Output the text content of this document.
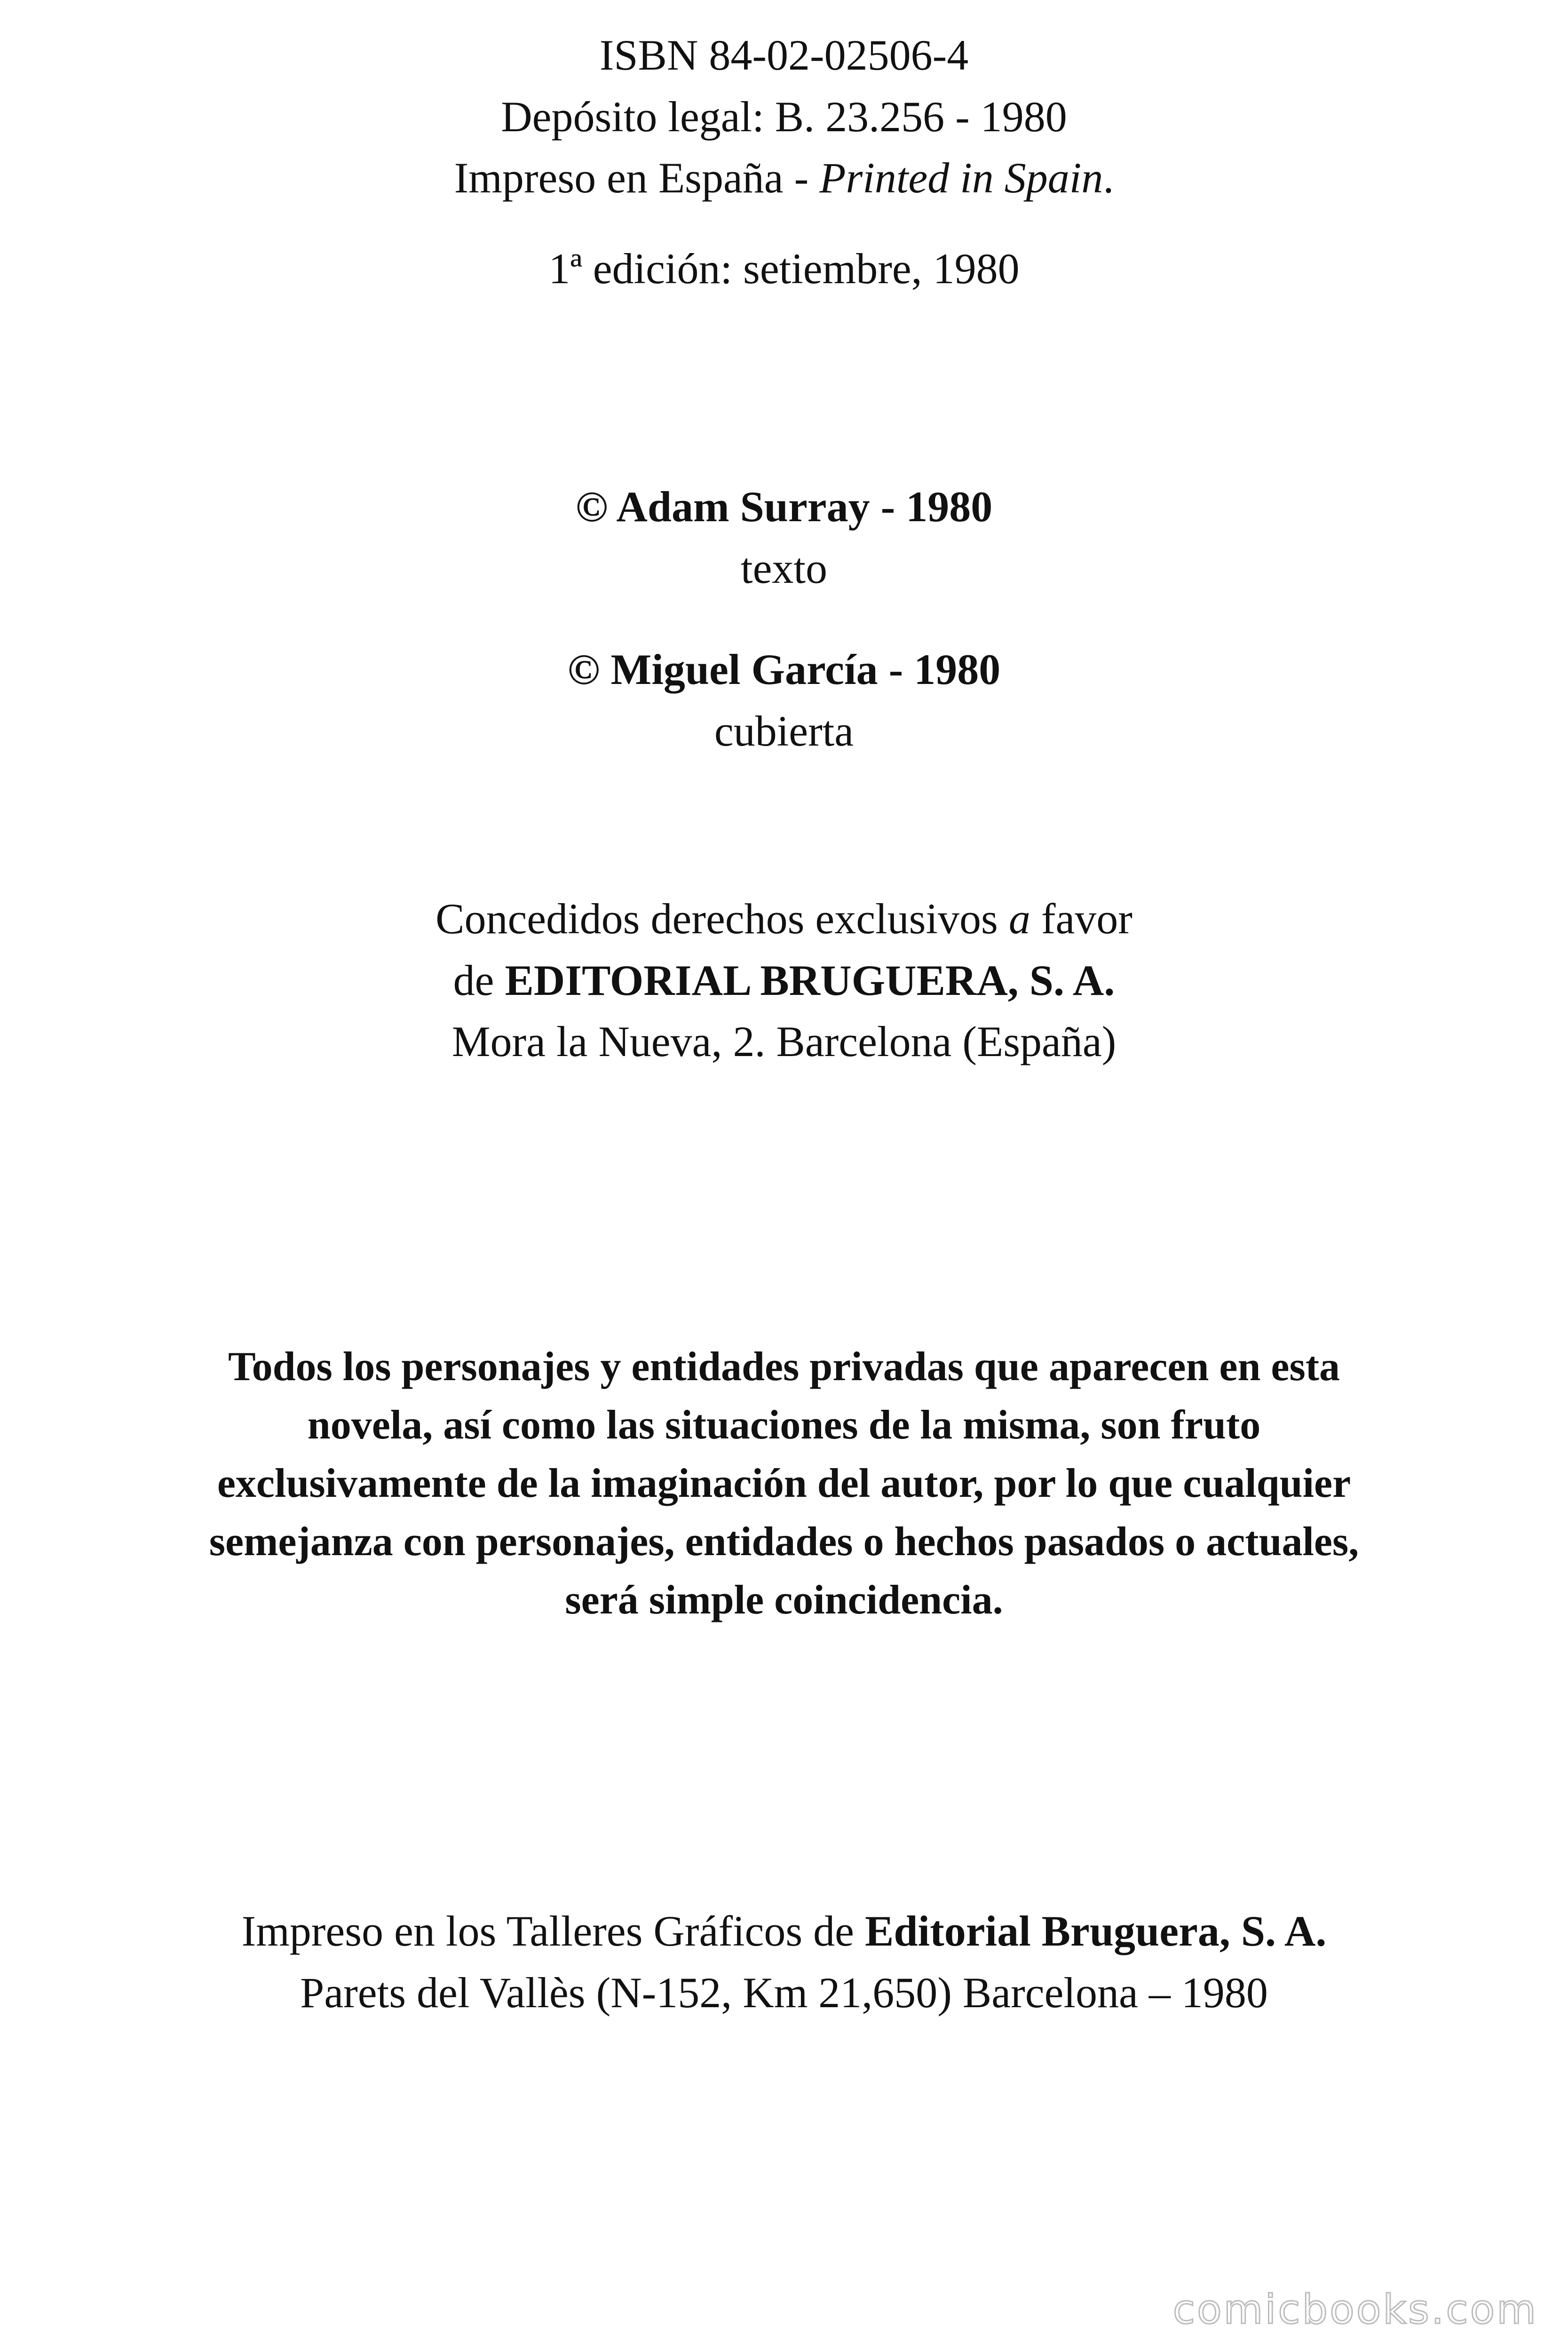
ISBN 84-02-02506-4
Depósito legal: B. 23.256 - 1980
Impreso en España - Printed in Spain.
1ª edición: setiembre, 1980
© Adam Surray - 1980
texto
© Miguel García - 1980
cubierta
Concedidos derechos exclusivos a favor
de EDITORIAL BRUGUERA, S. A.
Mora la Nueva, 2. Barcelona (España)
Todos los personajes y entidades privadas que aparecen en esta
novela, así como las situaciones de la misma, son fruto
exclusivamente de la imaginación del autor, por lo que cualquier
semejanza con personajes, entidades o hechos pasados o actuales,
será simple coincidencia.
Impreso en los Talleres Gráficos de Editorial Bruguera, S. A.
Parets del Vallès (N-152, Km 21,650) Barcelona – 1980
comicbooks.com
